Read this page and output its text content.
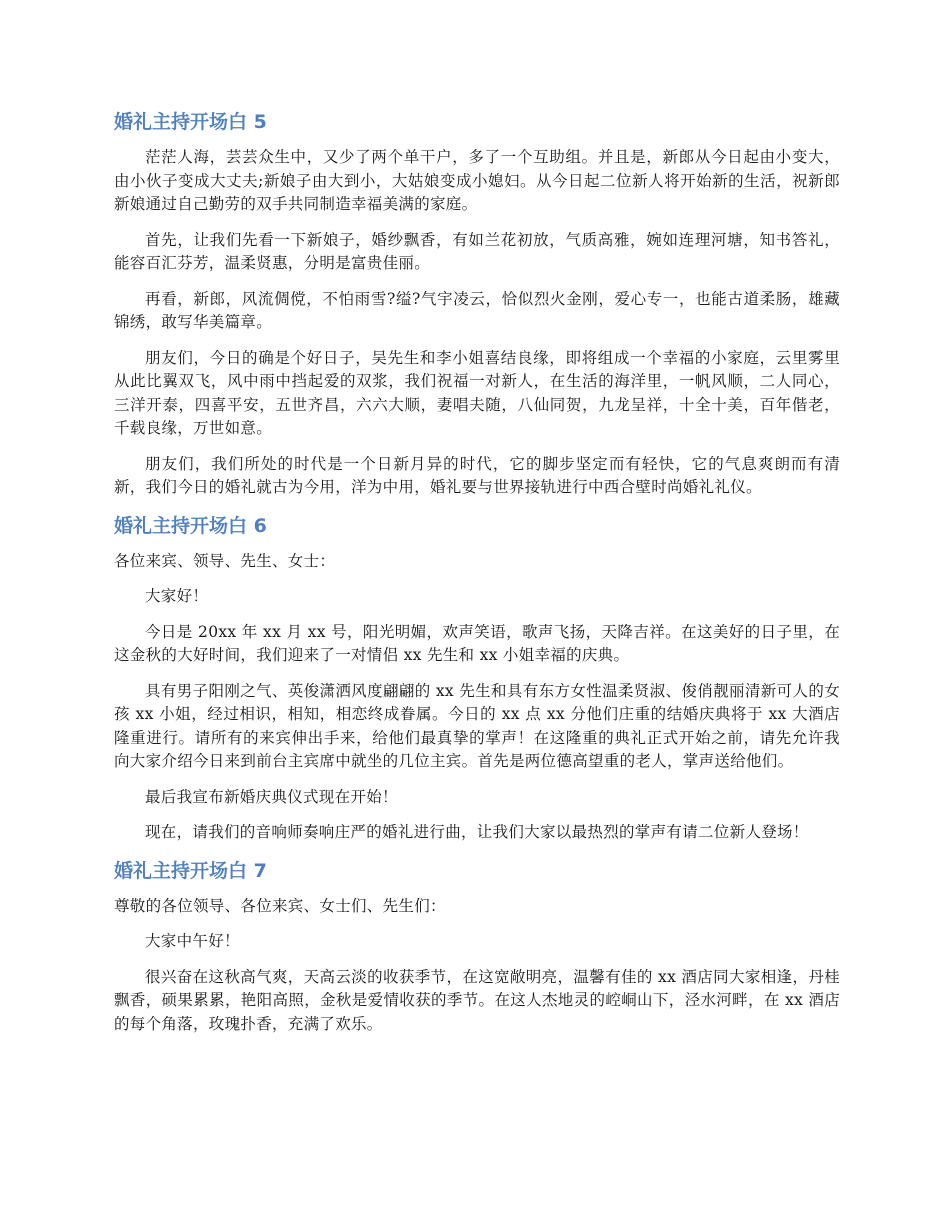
婚礼主持开场白 5

茫茫人海，芸芸众生中，又少了两个单干户，多了一个互助组。并且是，新郎从今日起由小变大，由小伙子变成大丈夫;新娘子由大到小，大姑娘变成小媳妇。从今日起二位新人将开始新的生活，祝新郎新娘通过自己勤劳的双手共同制造幸福美满的家庭。

首先，让我们先看一下新娘子，婚纱飘香，有如兰花初放，气质高雅，婉如连理河塘，知书答礼，能容百汇芬芳，温柔贤惠，分明是富贵佳丽。

再看，新郎，风流倜傥，不怕雨雪?缢?气宇凌云，恰似烈火金刚，爱心专一，也能古道柔肠，雄藏锦绣，敢写华美篇章。

朋友们，今日的确是个好日子，吴先生和李小姐喜结良缘，即将组成一个幸福的小家庭，云里雾里从此比翼双飞，风中雨中挡起爱的双浆，我们祝福一对新人，在生活的海洋里，一帆风顺，二人同心，三洋开泰，四喜平安，五世齐昌，六六大顺，妻唱夫随，八仙同贺，九龙呈祥，十全十美，百年偕老，千载良缘，万世如意。

朋友们，我们所处的时代是一个日新月异的时代，它的脚步坚定而有轻快，它的气息爽朗而有清新，我们今日的婚礼就古为今用，洋为中用，婚礼要与世界接轨进行中西合壁时尚婚礼礼仪。

婚礼主持开场白 6

各位来宾、领导、先生、女士：

大家好！

今日是 20xx 年 xx 月 xx 号，阳光明媚，欢声笑语，歌声飞扬，天降吉祥。在这美好的日子里，在这金秋的大好时间，我们迎来了一对情侣 xx 先生和 xx 小姐幸福的庆典。

具有男子阳刚之气、英俊潇洒风度翩翩的 xx 先生和具有东方女性温柔贤淑、俊俏靓丽清新可人的女孩 xx 小姐，经过相识，相知，相恋终成眷属。今日的 xx 点 xx 分他们庄重的结婚庆典将于 xx 大酒店隆重进行。请所有的来宾伸出手来，给他们最真挚的掌声！在这隆重的典礼正式开始之前，请先允许我向大家介绍今日来到前台主宾席中就坐的几位主宾。首先是两位德高望重的老人，掌声送给他们。

最后我宣布新婚庆典仪式现在开始！

现在，请我们的音响师奏响庄严的婚礼进行曲，让我们大家以最热烈的掌声有请二位新人登场！

婚礼主持开场白 7

尊敬的各位领导、各位来宾、女士们、先生们：

大家中午好！

很兴奋在这秋高气爽，天高云淡的收获季节，在这宽敞明亮，温馨有佳的 xx 酒店同大家相逢，丹桂飘香，硕果累累，艳阳高照，金秋是爱情收获的季节。在这人杰地灵的崆峒山下，泾水河畔，在 xx 酒店的每个角落，玫瑰扑香，充满了欢乐。
